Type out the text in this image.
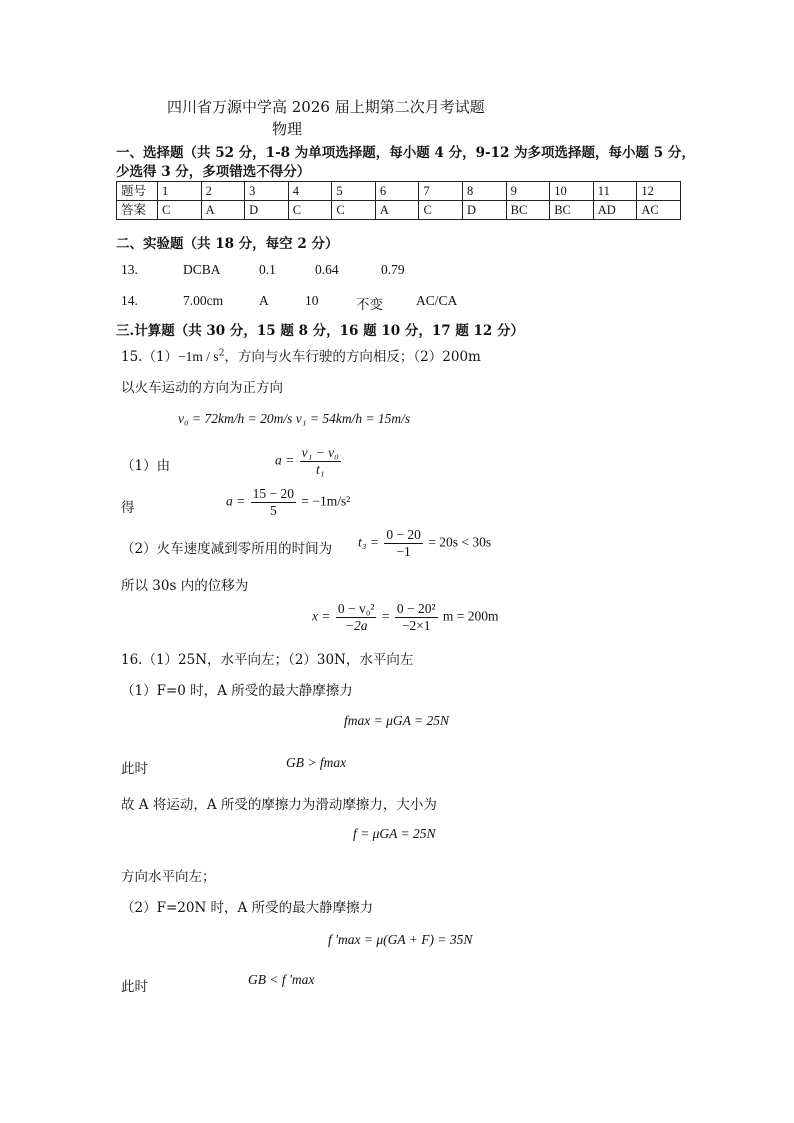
四川省万源中学高 2026 届上期第二次月考试题
物理
一、选择题（共 52 分，1-8 为单项选择题，每小题 4 分，9-12 为多项选择题，每小题 5 分，
少选得 3 分，多项错选不得分）
题号	1	2	3	4	5	6	7	8	9	10	11	12
答案	C	A	D	C	C	A	C	D	BC	BC	AD	AC
二、实验题（共 18 分，每空 2 分）
13.	DCBA	0.1	0.64	0.79
14.	7.00cm	A	10	不变 AC/CA
三.计算题（共 30 分，15 题 8 分，16 题 10 分，17 题 12 分）
$15.(1)-1m / s^2$，方向与火车行驶的方向相反；（2）200m
以火车运动的方向为正方向
v₀ = 72km/h = 20m/s v₁ = 54km/h = 15m/s
（1）由	$a = \frac{\text{v₁ − v₀}}{\text{t₁}}$
得	$a = \frac{15 - 20}{5} = -1m/s^2$
（2）火车速度减到零所用的时间为 $t_3 = \frac{0 - 20}{-1} = 20s < 30s$
所以 30s 内的位移为
$x = \frac{\text{0 − v₀²}}{-2a} = \frac{\text{0 − 20²}}{-2\times 1}$ m = 200m
16.（1）25N，水平向左；（2）30N，水平向左
（1）F=0 时，A 所受的最大静摩擦力
fmax = μGA = 25N
此时	GB > fmax
故 A 将运动，A 所受的摩擦力为滑动摩擦力，大小为
f = μGA = 25N
方向水平向左；
（2）F=20N 时，A 所受的最大静摩擦力
f 'max = μ(GA + F) = 35N
此时	GB < f 'max
